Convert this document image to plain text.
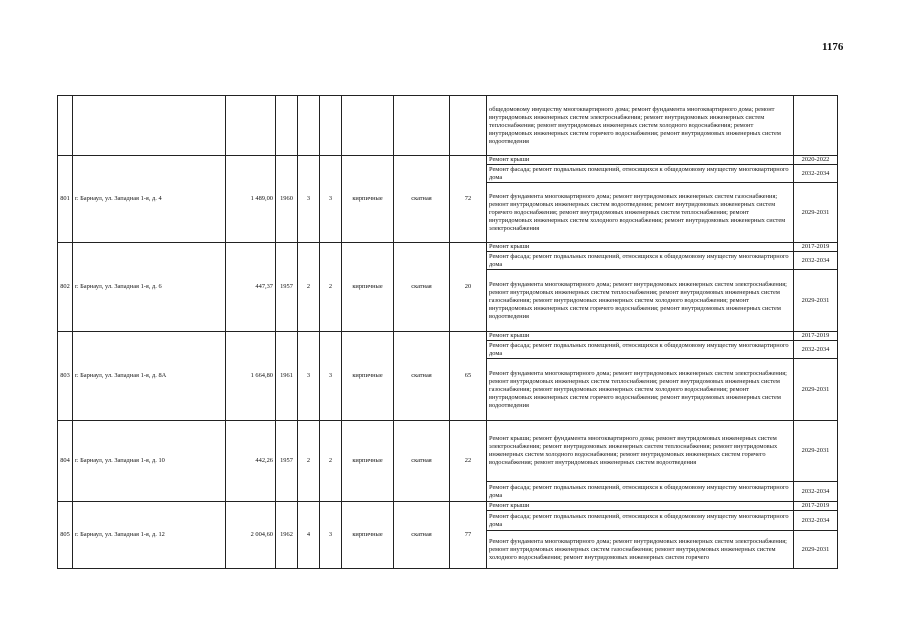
1176
									общедомовому имуществу многоквартирного дома; ремонт фундамента многоквартирного дома; ремонт внутридомовых инженерных систем электроснабжения; ремонт внутридомовых инженерных систем теплоснабжения; ремонт внутридомовых инженерных систем холодного водоснабжения; ремонт внутридомовых инженерных систем горячего водоснабжения; ремонт внутридомовых инженерных систем водоотведения	
801	г. Барнаул, ул. Западная 1-я, д. 4	1 489,00	1960	3	3	кирпичные	скатная	72	Ремонт крыши	2020-2022
									Ремонт фасада; ремонт подвальных помещений, относящихся к общедомовому имуществу многоквартирного дома	2032-2034
									Ремонт фундамента многоквартирного дома; ремонт внутридомовых инженерных систем газоснабжения; ремонт внутридомовых инженерных систем водоотведения; ремонт внутридомовых инженерных систем горячего водоснабжения; ремонт внутридомовых инженерных систем теплоснабжения; ремонт внутридомовых инженерных систем холодного водоснабжения; ремонт внутридомовых инженерных систем электроснабжения	2029-2031
802	г. Барнаул, ул. Западная 1-я, д. 6	447,37	1957	2	2	кирпичные	скатная	20	Ремонт крыши	2017-2019
									Ремонт фасада; ремонт подвальных помещений, относящихся к общедомовому имуществу многоквартирного дома	2032-2034
									Ремонт фундамента многоквартирного дома; ремонт внутридомовых инженерных систем электроснабжения; ремонт внутридомовых инженерных систем теплоснабжения; ремонт внутридомовых инженерных систем газоснабжения; ремонт внутридомовых инженерных систем холодного водоснабжения; ремонт внутридомовых инженерных систем горячего водоснабжения; ремонт внутридомовых инженерных систем водоотведения	2029-2031
803	г. Барнаул, ул. Западная 1-я, д. 8А	1 664,80	1961	3	3	кирпичные	скатная	65	Ремонт крыши	2017-2019
									Ремонт фасада; ремонт подвальных помещений, относящихся к общедомовому имуществу многоквартирного дома	2032-2034
									Ремонт фундамента многоквартирного дома; ремонт внутридомовых инженерных систем электроснабжения; ремонт внутридомовых инженерных систем теплоснабжения; ремонт внутридомовых инженерных систем газоснабжения; ремонт внутридомовых инженерных систем холодного водоснабжения; ремонт внутридомовых инженерных систем горячего водоснабжения; ремонт внутридомовых инженерных систем водоотведения	2029-2031
804	г. Барнаул, ул. Западная 1-я, д. 10	442,26	1957	2	2	кирпичные	скатная	22	Ремонт крыши; ремонт фундамента многоквартирного дома; ремонт внутридомовых инженерных систем электроснабжения; ремонт внутридомовых инженерных систем теплоснабжения; ремонт внутридомовых инженерных систем холодного водоснабжения; ремонт внутридомовых инженерных систем горячего водоснабжения; ремонт внутридомовых инженерных систем водоотведения	2029-2031
									Ремонт фасада; ремонт подвальных помещений, относящихся к общедомовому имуществу многоквартирного дома	2032-2034
805	г. Барнаул, ул. Западная 1-я, д. 12	2 004,60	1962	4	3	кирпичные	скатная	77	Ремонт крыши	2017-2019
									Ремонт фасада; ремонт подвальных помещений, относящихся к общедомовому имуществу многоквартирного дома	2032-2034
									Ремонт фундамента многоквартирного дома; ремонт внутридомовых инженерных систем электроснабжения; ремонт внутридомовых инженерных систем газоснабжения; ремонт внутридомовых инженерных систем холодного водоснабжения; ремонт внутридомовых инженерных систем горячего	2029-2031
